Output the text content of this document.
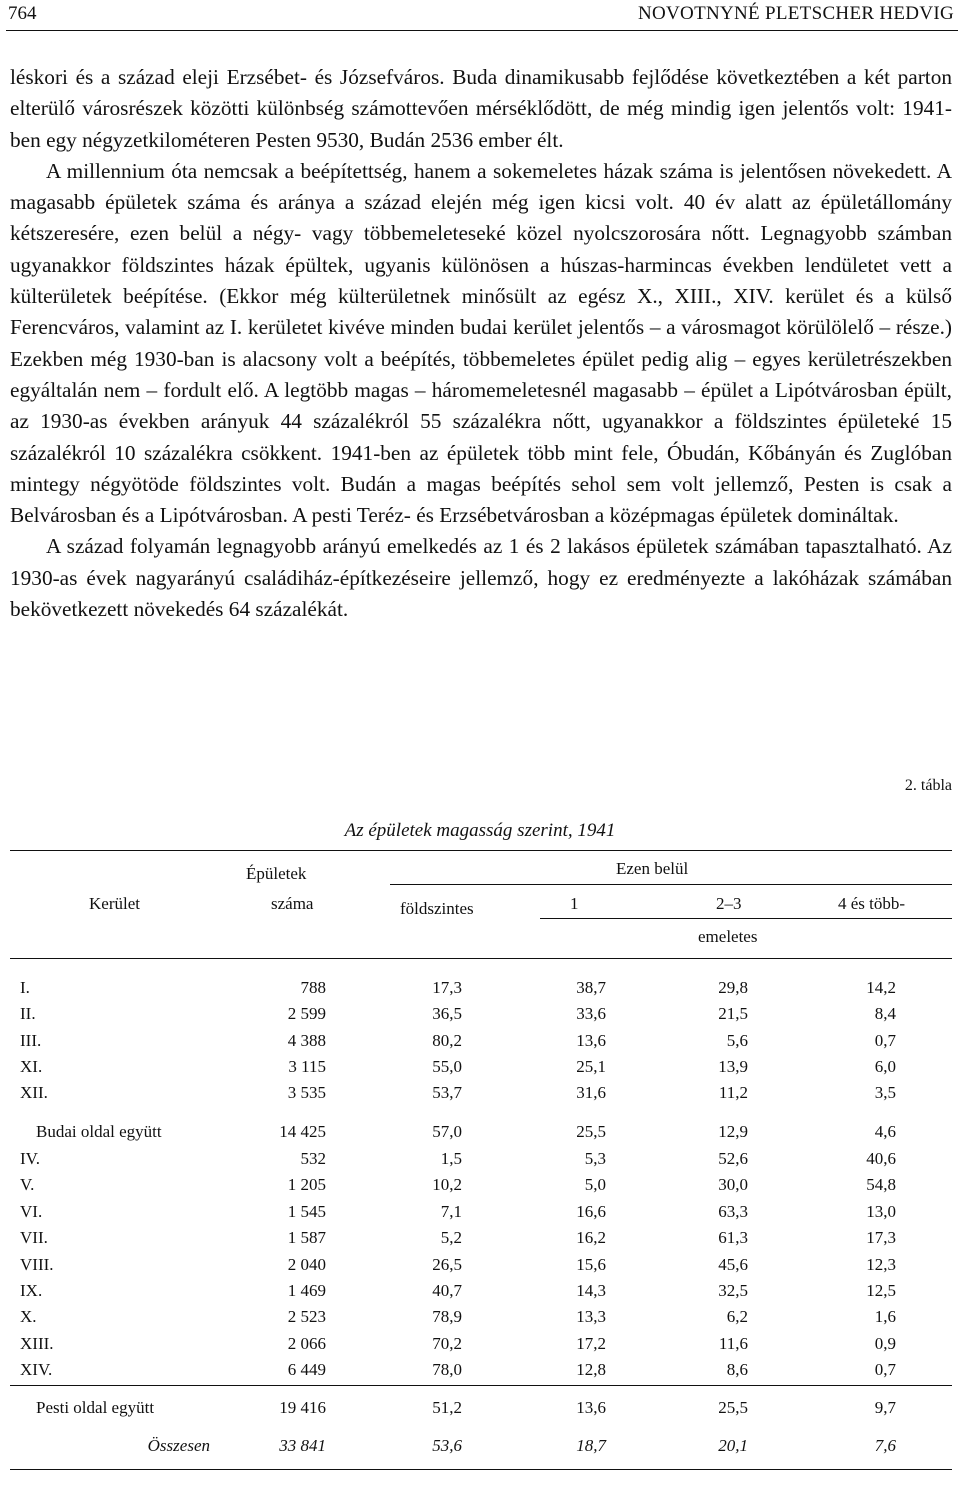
764	NOVOTNYNÉ PLETSCHER HEDVIG

léskori és a század eleji Erzsébet- és Józsefváros. Buda dinamikusabb fejlődése következtében a két parton elterülő városrészek közötti különbség számottevően mérséklődött, de még mindig igen jelentős volt: 1941-ben egy négyzetkilométeren Pesten 9530, Budán 2536 ember élt.

A millennium óta nemcsak a beépítettség, hanem a sokemeletes házak száma is jelentősen növekedett. A magasabb épületek száma és aránya a század elején még igen kicsi volt. 40 év alatt az épületállomány kétszeresére, ezen belül a négy- vagy többemeleteseké közel nyolcszorosára nőtt. Legnagyobb számban ugyanakkor földszintes házak épültek, ugyanis különösen a húszas-harmincas években lendületet vett a külterületek beépítése. (Ekkor még külterületnek minősült az egész X., XIII., XIV. kerület és a külső Ferencváros, valamint az I. kerületet kivéve minden budai kerület jelentős – a városmagot körülölelő – része.) Ezekben még 1930-ban is alacsony volt a beépítés, többemeletes épület pedig alig – egyes kerületrészekben egyáltalán nem – fordult elő. A legtöbb magas – háromemeletesnél magasabb – épület a Lipótvárosban épült, az 1930-as években arányuk 44 százalékról 55 százalékra nőtt, ugyanakkor a földszintes épületeké 15 százalékról 10 százalékra csökkent. 1941-ben az épületek több mint fele, Óbudán, Kőbányán és Zuglóban mintegy négyötöde földszintes volt. Budán a magas beépítés sehol sem volt jellemző, Pesten is csak a Belvárosban és a Lipótvárosban. A pesti Teréz- és Erzsébetvárosban a középmagas épületek domináltak.

A század folyamán legnagyobb arányú emelkedés az 1 és 2 lakásos épületek számában tapasztalható. Az 1930-as évek nagyarányú családiház-építkezéseire jellemző, hogy ez eredményezte a lakóházak számában bekövetkezett növekedés 64 százalékát.

2. tábla
Az épületek magasság szerint, 1941
Épületek	Ezen belül
Kerület	száma	földszintes	1	2–3	4 és több-
emeletes
I.	788	17,3	38,7	29,8	14,2
II.	2 599	36,5	33,6	21,5	8,4
III.	4 388	80,2	13,6	5,6	0,7
XI.	3 115	55,0	25,1	13,9	6,0
XII.	3 535	53,7	31,6	11,2	3,5
Budai oldal együtt	14 425	57,0	25,5	12,9	4,6
IV.	532	1,5	5,3	52,6	40,6
V.	1 205	10,2	5,0	30,0	54,8
VI.	1 545	7,1	16,6	63,3	13,0
VII.	1 587	5,2	16,2	61,3	17,3
VIII.	2 040	26,5	15,6	45,6	12,3
IX.	1 469	40,7	14,3	32,5	12,5
X.	2 523	78,9	13,3	6,2	1,6
XIII.	2 066	70,2	17,2	11,6	0,9
XIV.	6 449	78,0	12,8	8,6	0,7
Pesti oldal együtt	19 416	51,2	13,6	25,5	9,7
Összesen	33 841	53,6	18,7	20,1	7,6
